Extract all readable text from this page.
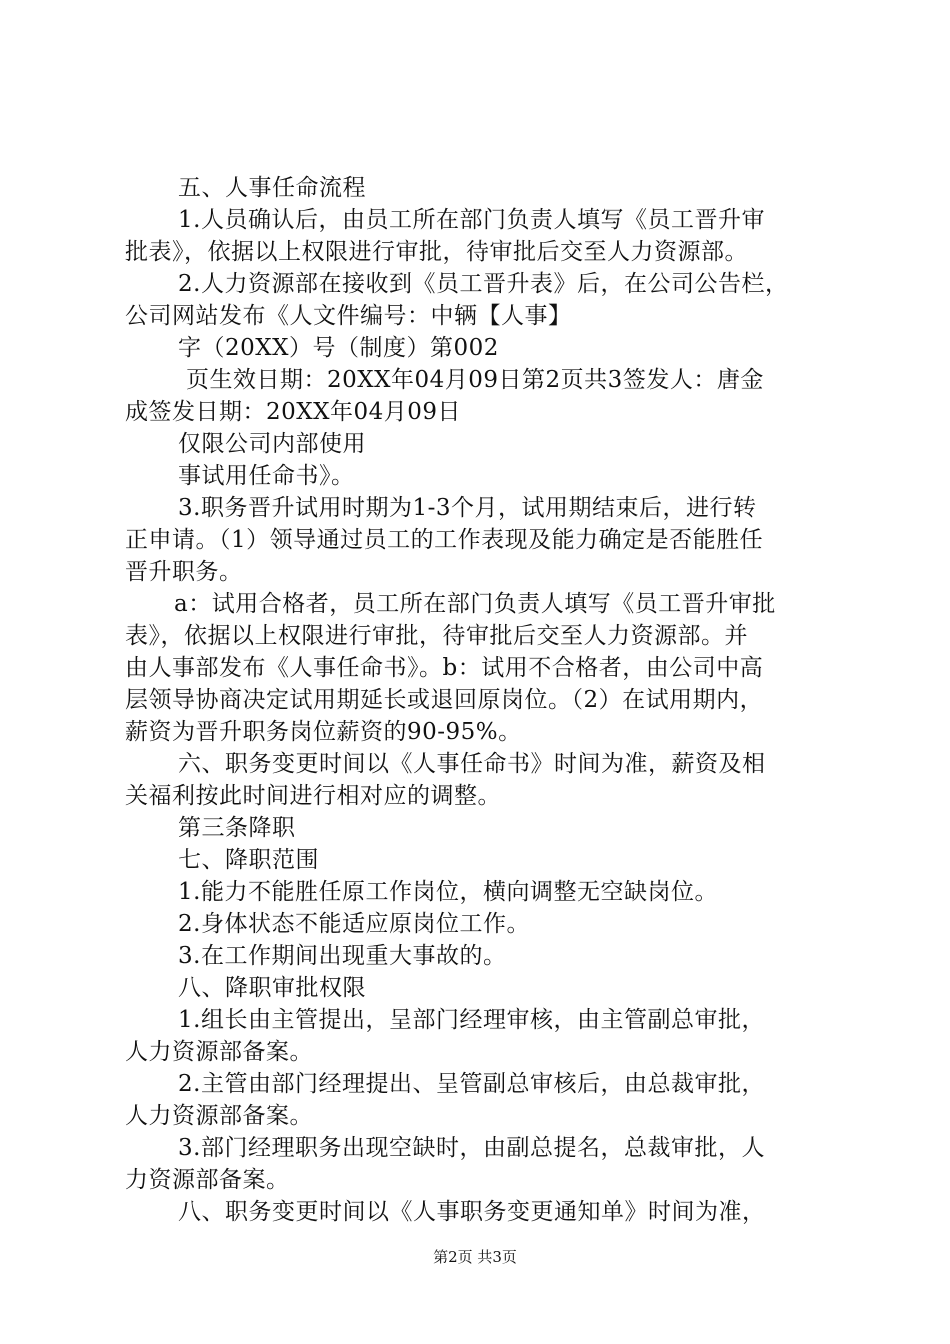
五、人事任命流程
1.人员确认后，由员工所在部门负责人填写《员工晋升审
批表》，依据以上权限进行审批，待审批后交至人力资源部。
2.人力资源部在接收到《员工晋升表》后，在公司公告栏，
公司网站发布《人文件编号：中辆【人事】
字（20XX）号（制度）第002
页生效日期：20XX年04月09日第2页共3签发人：唐金
成签发日期：20XX年04月09日
仅限公司内部使用
事试用任命书》。
3.职务晋升试用时期为1-3个月，试用期结束后，进行转
正申请。（1）领导通过员工的工作表现及能力确定是否能胜任
晋升职务。
a：试用合格者，员工所在部门负责人填写《员工晋升审批
表》，依据以上权限进行审批，待审批后交至人力资源部。并
由人事部发布《人事任命书》。b：试用不合格者，由公司中高
层领导协商决定试用期延长或退回原岗位。（2）在试用期内，
薪资为晋升职务岗位薪资的90-95%。
六、职务变更时间以《人事任命书》时间为准，薪资及相
关福利按此时间进行相对应的调整。
第三条降职
七、降职范围
1.能力不能胜任原工作岗位，横向调整无空缺岗位。
2.身体状态不能适应原岗位工作。
3.在工作期间出现重大事故的。
八、降职审批权限
1.组长由主管提出，呈部门经理审核，由主管副总审批，
人力资源部备案。
2.主管由部门经理提出、呈管副总审核后，由总裁审批，
人力资源部备案。
3.部门经理职务出现空缺时，由副总提名，总裁审批，人
力资源部备案。
八、职务变更时间以《人事职务变更通知单》时间为准，
第2页 共3页
